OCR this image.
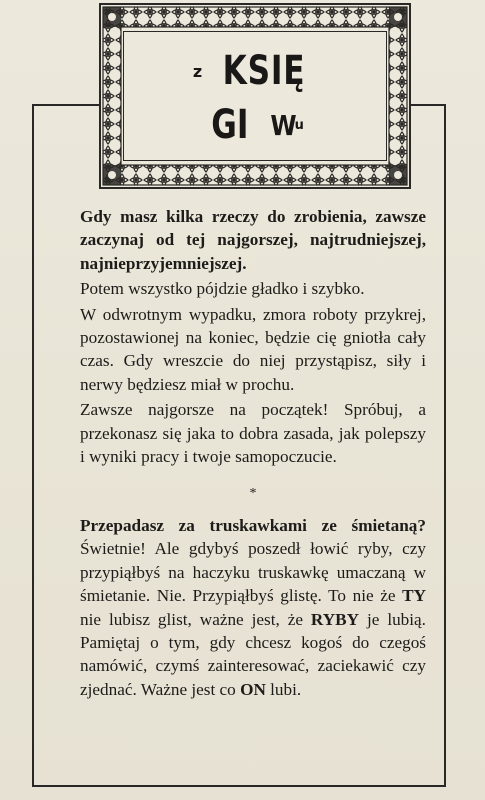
z KSIĘ
GI Wu

Gdy masz kilka rzeczy do zrobienia, zawsze zaczynaj od tej najgorszej, najtrudniejszej, najnieprzyjemniejszej.

Potem wszystko pójdzie gładko i szybko.

W odwrotnym wypadku, zmora roboty przykrej, pozostawionej na koniec, będzie cię gniotła cały czas. Gdy wreszcie do niej przystąpisz, siły i nerwy będziesz miał w prochu.

Zawsze najgorsze na początek! Spróbuj, a przekonasz się jaka to dobra zasada, jak polepszy i wyniki pracy i twoje samopoczucie.

*

Przepadasz za truskawkami ze śmietaną? Świetnie! Ale gdybyś poszedł łowić ryby, czy przypiąłbyś na haczyku truskawkę umaczaną w śmietanie. Nie. Przypiąłbyś glistę. To nie że TY nie lubisz glist, ważne jest, że RYBY je lubią. Pamiętaj o tym, gdy chcesz kogoś do czegoś namówić, czymś zainteresować, zaciekawić czy zjednać. Ważne jest co ON lubi.
